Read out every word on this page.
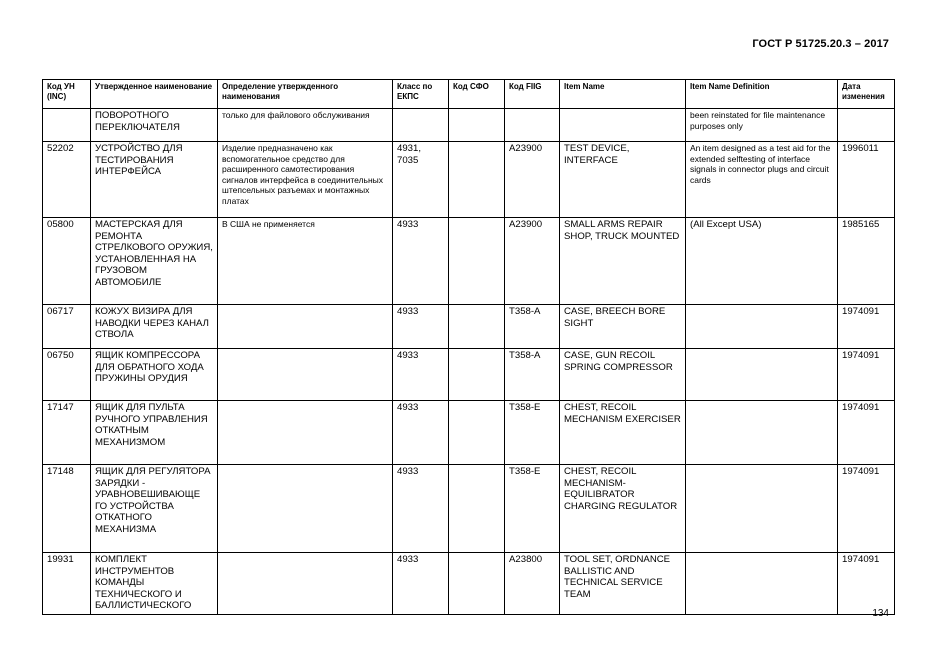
ГОСТ Р 51725.20.3 – 2017
Код УН (INC)	Утвержденное наименование	Определение утвержденного наименования	Класс по ЕКПС	Код СФО	Код FIIG	Item Name	Item Name Definition	Дата изменения
	ПОВОРОТНОГО ПЕРЕКЛЮЧАТЕЛЯ	только для файлового обслуживания					been reinstated for file maintenance purposes only	
52202	УСТРОЙСТВО ДЛЯ ТЕСТИРОВАНИЯ ИНТЕРФЕЙСА	Изделие предназначено как вспомогательное средство для расширенного самотестирования сигналов интерфейса в соединительных штепсельных разъемах и монтажных платах	4931, 7035		A23900	TEST DEVICE, INTERFACE	An item designed as a test aid for the extended selftesting of interface signals in connector plugs and circuit cards	1996011
05800	МАСТЕРСКАЯ ДЛЯ РЕМОНТА СТРЕЛКОВОГО ОРУЖИЯ, УСТАНОВЛЕННАЯ НА ГРУЗОВОМ АВТОМОБИЛЕ	В США не применяется	4933		A23900	SMALL ARMS REPAIR SHOP, TRUCK MOUNTED	(All Except USA)	1985165
06717	КОЖУХ ВИЗИРА ДЛЯ НАВОДКИ ЧЕРЕЗ КАНАЛ СТВОЛА		4933		T358-A	CASE, BREECH BORE SIGHT		1974091
06750	ЯЩИК КОМПРЕССОРА ДЛЯ ОБРАТНОГО ХОДА ПРУЖИНЫ ОРУДИЯ		4933		T358-A	CASE, GUN RECOIL SPRING COMPRESSOR		1974091
17147	ЯЩИК ДЛЯ ПУЛЬТА РУЧНОГО УПРАВЛЕНИЯ ОТКАТНЫМ МЕХАНИЗМОМ		4933		T358-E	CHEST, RECOIL MECHANISM EXERCISER		1974091
17148	ЯЩИК ДЛЯ РЕГУЛЯТОРА ЗАРЯДКИ - УРАВНОВЕШИВАЮЩЕ ГО УСТРОЙСТВА ОТКАТНОГО МЕХАНИЗМА		4933		T358-E	CHEST, RECOIL MECHANISM-EQUILIBRATOR CHARGING REGULATOR		1974091
19931	КОМПЛЕКТ ИНСТРУМЕНТОВ КОМАНДЫ ТЕХНИЧЕСКОГО И БАЛЛИСТИЧЕСКОГО		4933		A23800	TOOL SET, ORDNANCE BALLISTIC AND TECHNICAL SERVICE TEAM		1974091
134
